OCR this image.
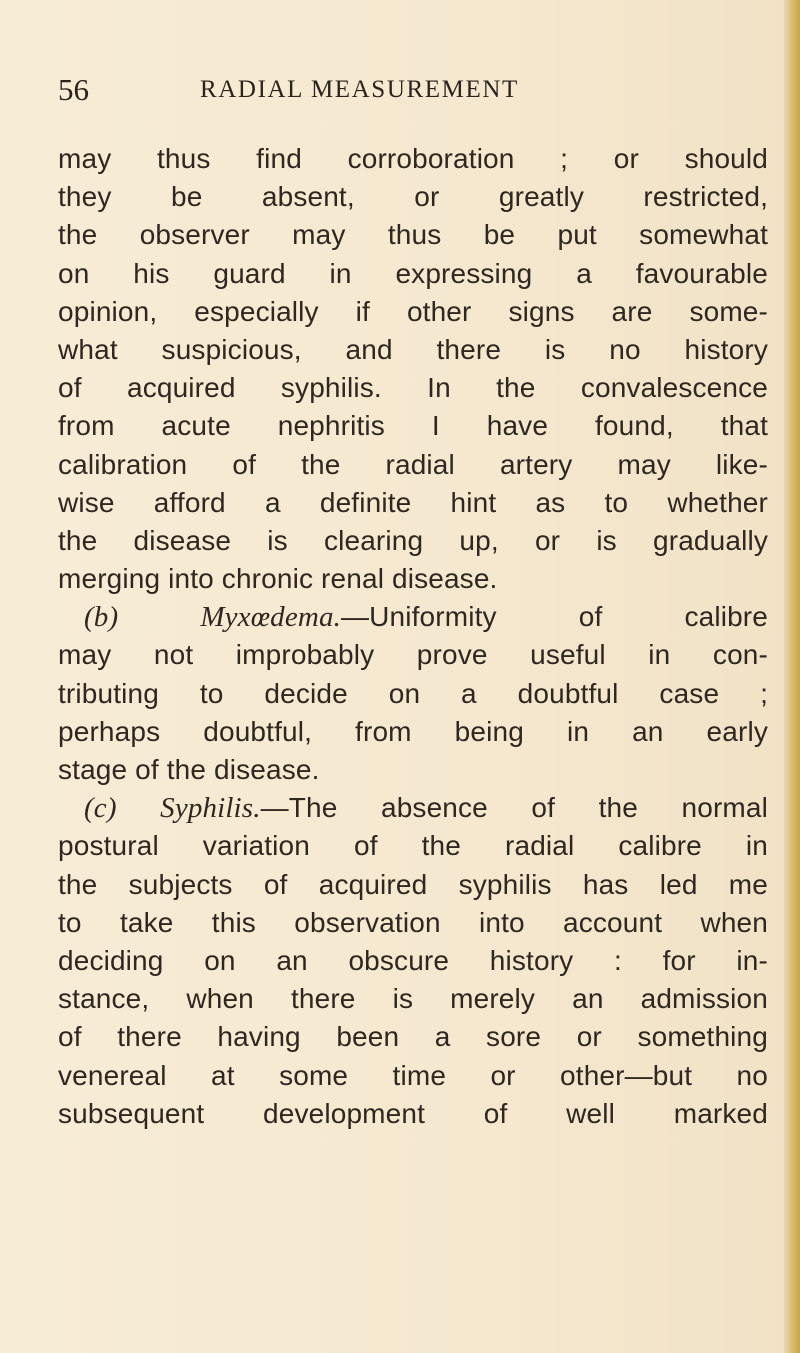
56	RADIAL MEASUREMENT
may thus find corroboration ; or should
they be absent, or greatly restricted,
the observer may thus be put somewhat
on his guard in expressing a favourable
opinion, especially if other signs are some-
what suspicious, and there is no history
of acquired syphilis. In the convalescence
from acute nephritis I have found, that
calibration of the radial artery may like-
wise afford a definite hint as to whether
the disease is clearing up, or is gradually
merging into chronic renal disease.
(b)	Myxœdema.—Uniformity of calibre
may not improbably prove useful in con-
tributing to decide on a doubtful case ;
perhaps doubtful, from being in an early
stage of the disease.
(c) Syphilis.—The absence of the normal
postural variation of the radial calibre in
the subjects of acquired syphilis has led me
to take this observation into account when
deciding on an obscure history : for in-
stance, when there is merely an admission
of there having been a sore or something
venereal at some time or other—but no
subsequent development of well marked
